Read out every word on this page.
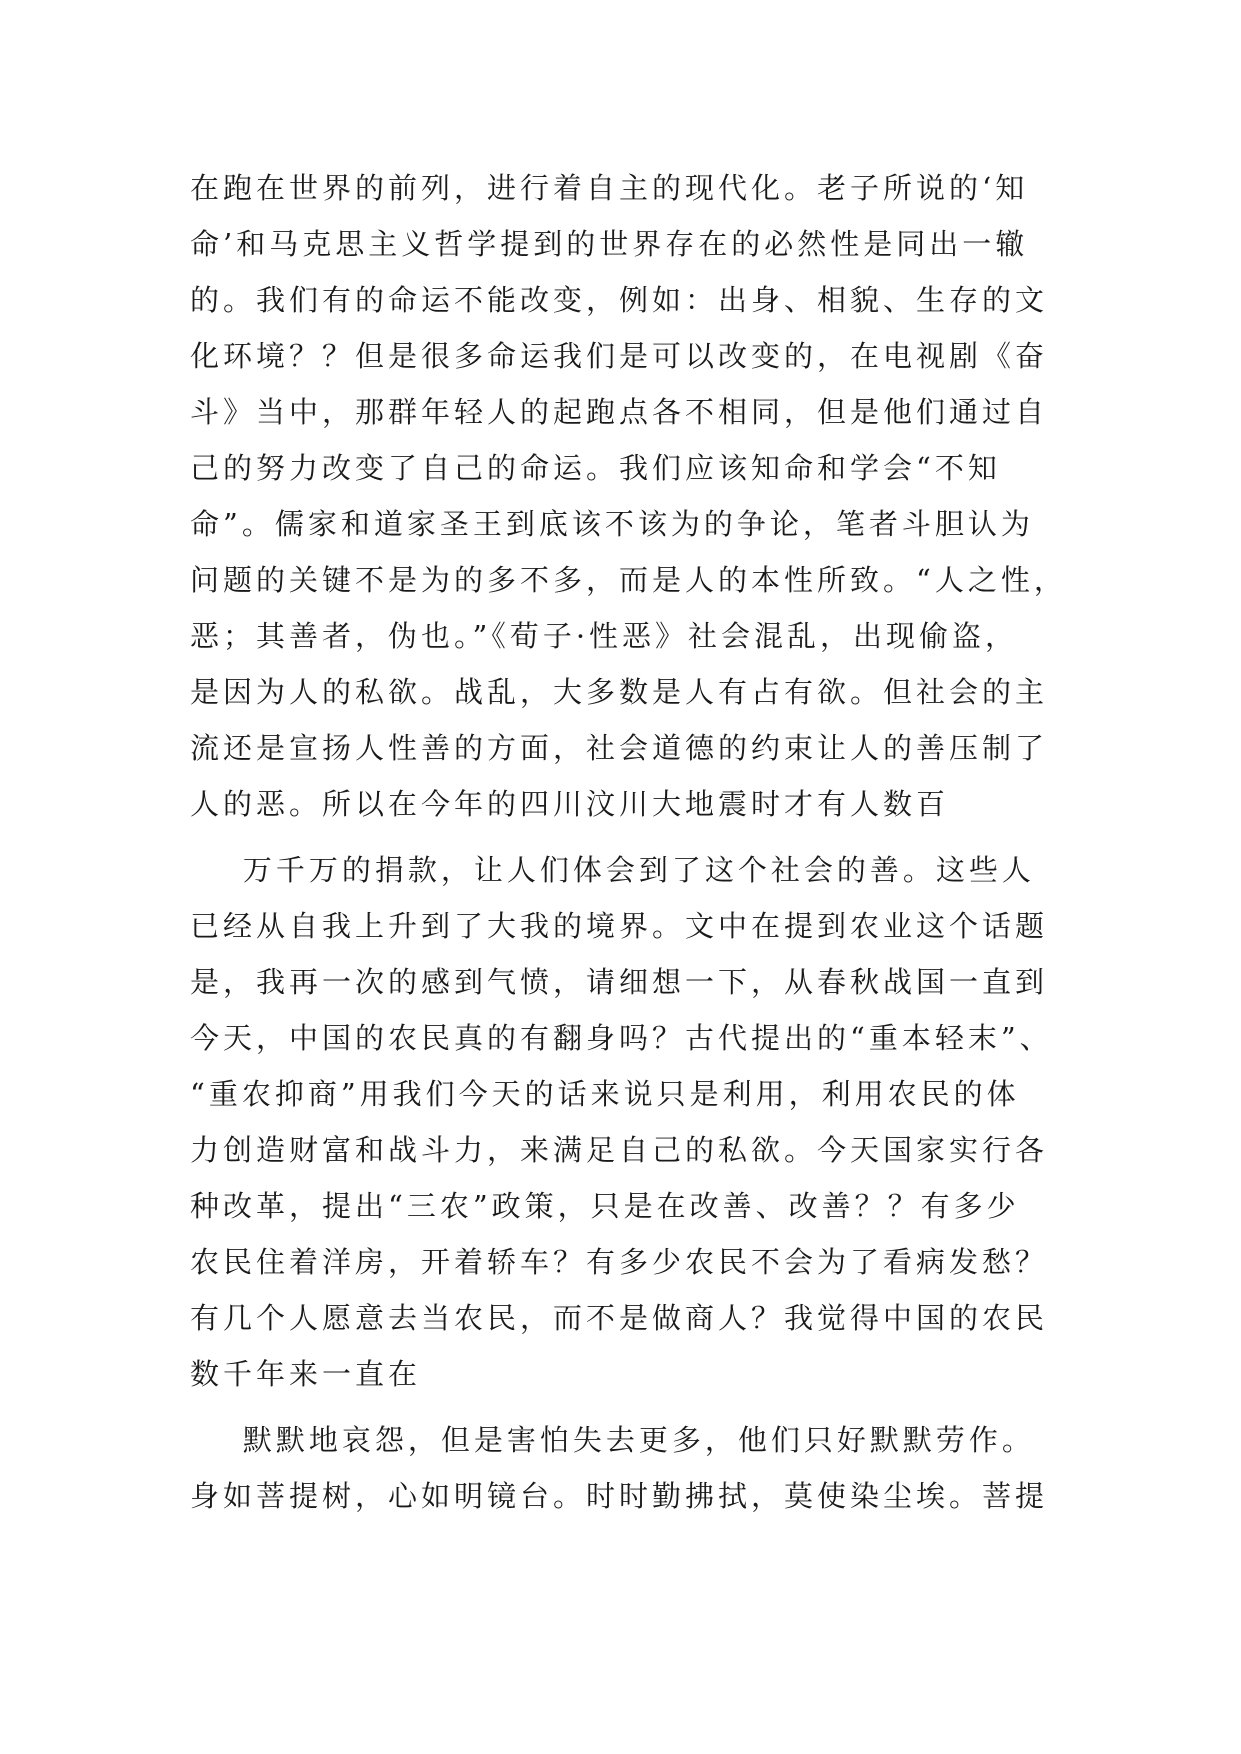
在跑在世界的前列，进行着自主的现代化。老子所说的‘知
命’和马克思主义哲学提到的世界存在的必然性是同出一辙
的。我们有的命运不能改变，例如：出身、相貌、生存的文
化环境？？但是很多命运我们是可以改变的，在电视剧《奋
斗》当中，那群年轻人的起跑点各不相同，但是他们通过自
己的努力改变了自己的命运。我们应该知命和学会“不知
命”。儒家和道家圣王到底该不该为的争论，笔者斗胆认为
问题的关键不是为的多不多，而是人的本性所致。“人之性，
恶；其善者，伪也。”《荀子·性恶》社会混乱，出现偷盗，
是因为人的私欲。战乱，大多数是人有占有欲。但社会的主
流还是宣扬人性善的方面，社会道德的约束让人的善压制了
人的恶。所以在今年的四川汶川大地震时才有人数百
万千万的捐款，让人们体会到了这个社会的善。这些人
已经从自我上升到了大我的境界。文中在提到农业这个话题
是，我再一次的感到气愤，请细想一下，从春秋战国一直到
今天，中国的农民真的有翻身吗？古代提出的“重本轻末”、
“重农抑商”用我们今天的话来说只是利用，利用农民的体
力创造财富和战斗力，来满足自己的私欲。今天国家实行各
种改革，提出“三农”政策，只是在改善、改善？？有多少
农民住着洋房，开着轿车？有多少农民不会为了看病发愁？
有几个人愿意去当农民，而不是做商人？我觉得中国的农民
数千年来一直在
默默地哀怨，但是害怕失去更多，他们只好默默劳作。
身如菩提树，心如明镜台。时时勤拂拭，莫使染尘埃。菩提
